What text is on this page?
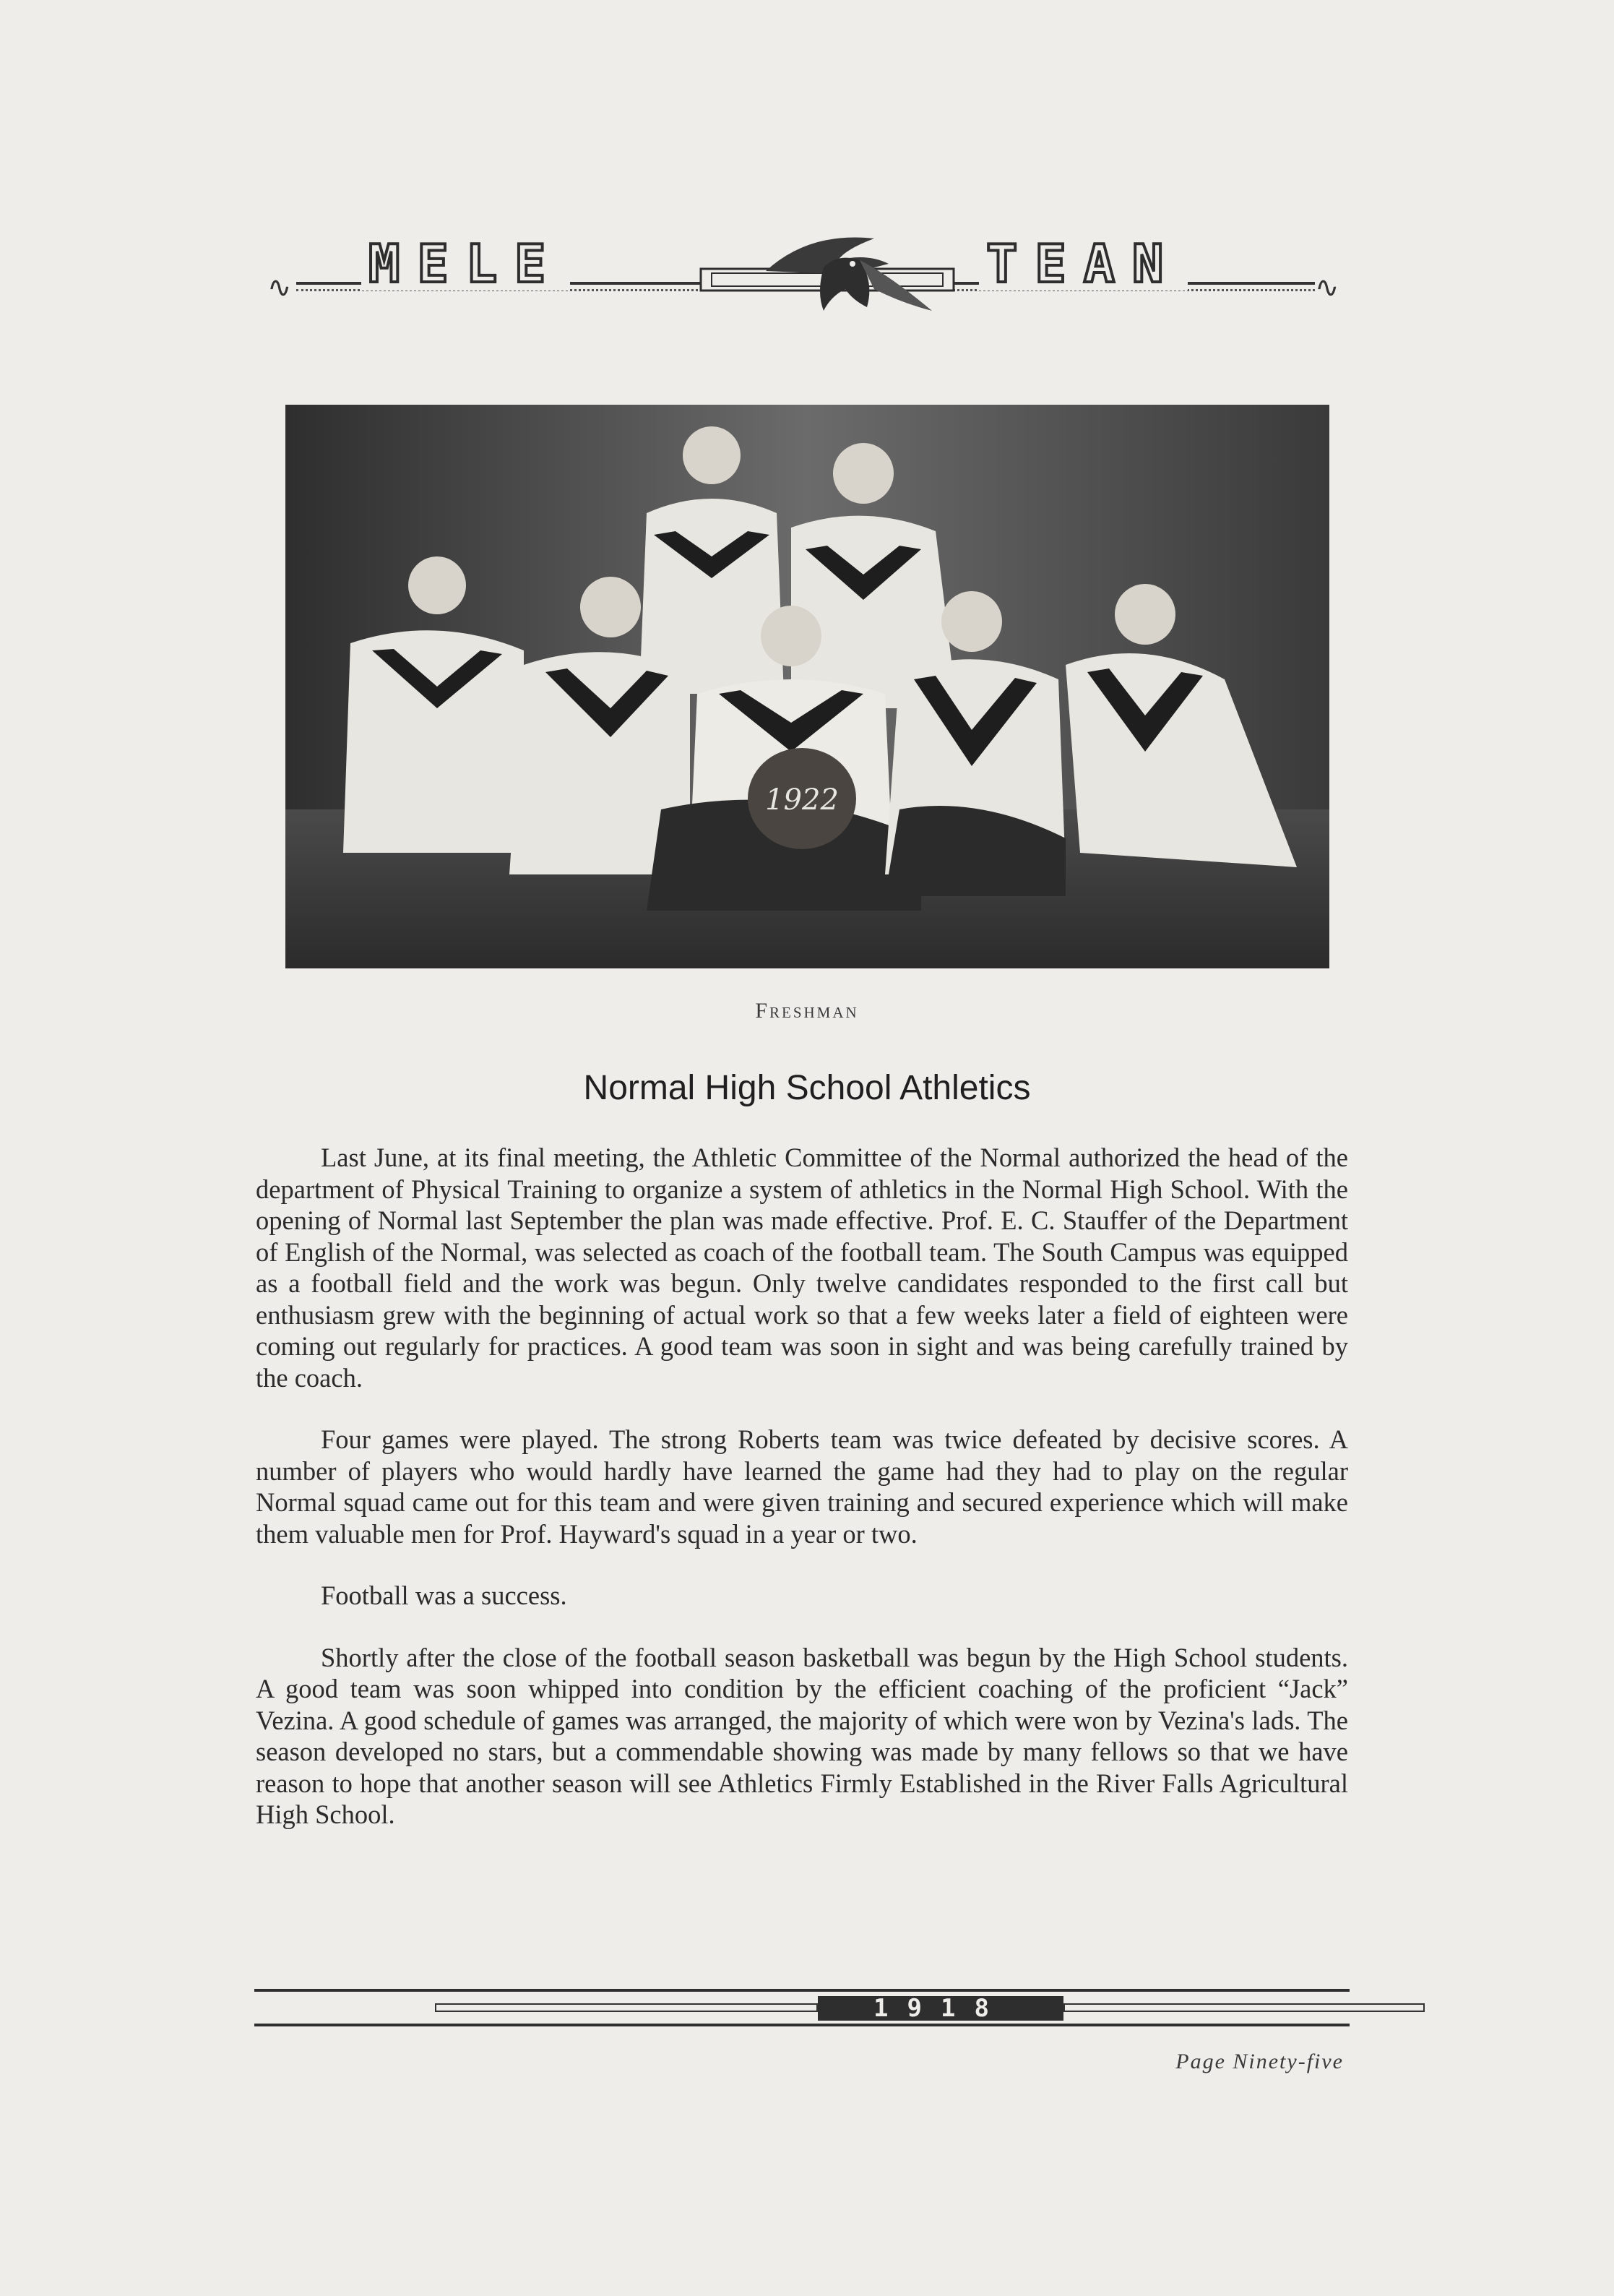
∿	∿
MELE	TEAN
1922
Freshman
Normal High School Athletics

Last June, at its final meeting, the Athletic Committee of the Normal authorized the head of the department of Physical Training to organize a system of athletics in the Normal High School. With the opening of Normal last September the plan was made effective. Prof. E. C. Stauffer of the Department of English of the Normal, was selected as coach of the football team. The South Campus was equipped as a football field and the work was begun. Only twelve candidates responded to the first call but enthusiasm grew with the beginning of actual work so that a few weeks later a field of eighteen were coming out regularly for practices. A good team was soon in sight and was being carefully trained by the coach.

Four games were played. The strong Roberts team was twice defeated by decisive scores. A number of players who would hardly have learned the game had they had to play on the regular Normal squad came out for this team and were given training and secured experience which will make them valuable men for Prof. Hayward's squad in a year or two.

Football was a success.

Shortly after the close of the football season basketball was begun by the High School students. A good team was soon whipped into condition by the efficient coaching of the proficient “Jack” Vezina. A good schedule of games was arranged, the majority of which were won by Vezina's lads. The season developed no stars, but a commendable showing was made by many fellows so that we have reason to hope that another season will see Athletics Firmly Established in the River Falls Agricultural High School.

1918
Page Ninety-five
